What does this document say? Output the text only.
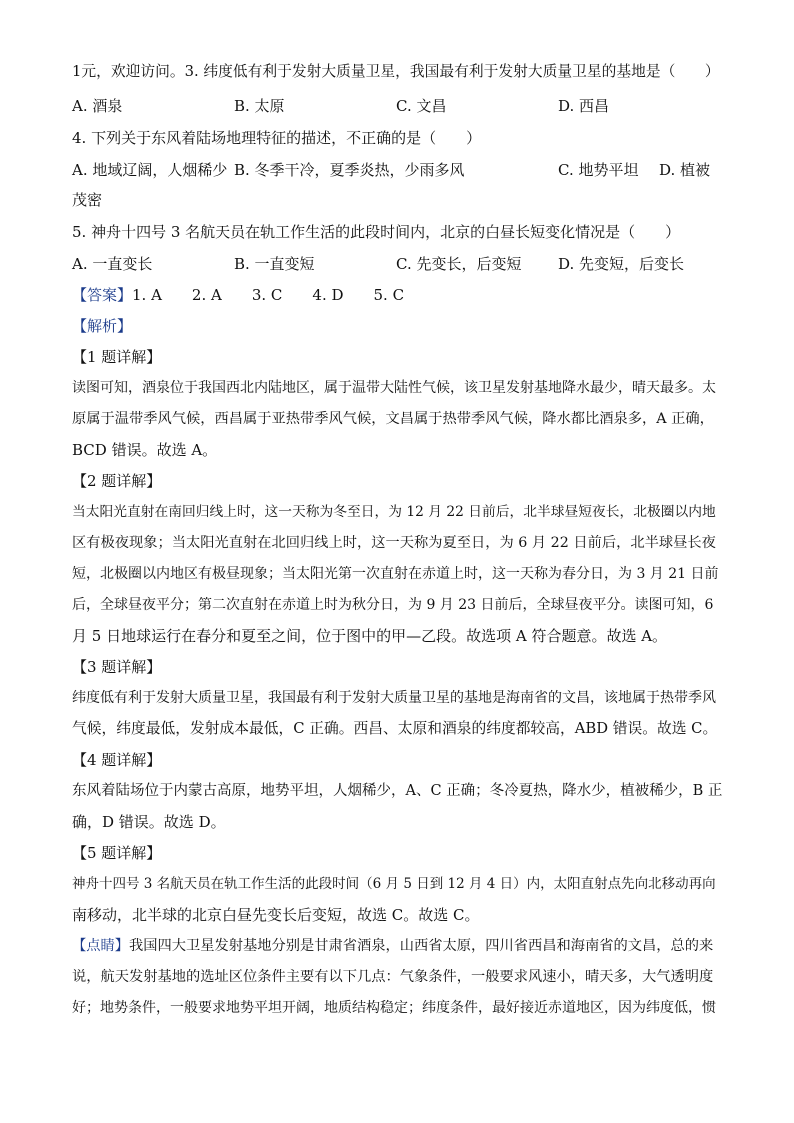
1元，欢迎访问。3. 纬度低有利于发射大质量卫星，我国最有利于发射大质量卫星的基地是（　　）
A. 酒泉	B. 太原	C. 文昌	D. 西昌
4. 下列关于东风着陆场地理特征的描述，不正确的是（　　）
A. 地域辽阔，人烟稀少 B. 冬季干冷，夏季炎热，少雨多风	C. 地势平坦 D. 植被
茂密
5. 神舟十四号 3 名航天员在轨工作生活的此段时间内，北京的白昼长短变化情况是（　　）
A. 一直变长	B. 一直变短	C. 先变长，后变短 D. 先变短，后变长
【答案】1. A　　2. A　　3. C　　4. D　　5. C
【解析】
【1 题详解】
读图可知，酒泉位于我国西北内陆地区，属于温带大陆性气候，该卫星发射基地降水最少，晴天最多。太
原属于温带季风气候，西昌属于亚热带季风气候，文昌属于热带季风气候，降水都比酒泉多，A 正确，
BCD 错误。故选 A。
【2 题详解】
当太阳光直射在南回归线上时，这一天称为冬至日，为 12 月 22 日前后，北半球昼短夜长，北极圈以内地
区有极夜现象；当太阳光直射在北回归线上时，这一天称为夏至日，为 6 月 22 日前后，北半球昼长夜
短，北极圈以内地区有极昼现象；当太阳光第一次直射在赤道上时，这一天称为春分日，为 3 月 21 日前
后，全球昼夜平分；第二次直射在赤道上时为秋分日，为 9 月 23 日前后，全球昼夜平分。读图可知，6
月 5 日地球运行在春分和夏至之间，位于图中的甲—乙段。故选项 A 符合题意。故选 A。
【3 题详解】
纬度低有利于发射大质量卫星，我国最有利于发射大质量卫星的基地是海南省的文昌，该地属于热带季风
气候，纬度最低，发射成本最低，C 正确。西昌、太原和酒泉的纬度都较高，ABD 错误。故选 C。
【4 题详解】
东风着陆场位于内蒙古高原，地势平坦，人烟稀少，A、C 正确；冬冷夏热，降水少，植被稀少，B 正
确，D 错误。故选 D。
【5 题详解】
神舟十四号 3 名航天员在轨工作生活的此段时间（6 月 5 日到 12 月 4 日）内，太阳直射点先向北移动再向
南移动，北半球的北京白昼先变长后变短，故选 C。故选 C。
【点睛】我国四大卫星发射基地分别是甘肃省酒泉，山西省太原，四川省西昌和海南省的文昌，总的来
说，航天发射基地的选址区位条件主要有以下几点：气象条件，一般要求风速小，晴天多，大气透明度
好；地势条件，一般要求地势平坦开阔，地质结构稳定；纬度条件，最好接近赤道地区，因为纬度低，惯
